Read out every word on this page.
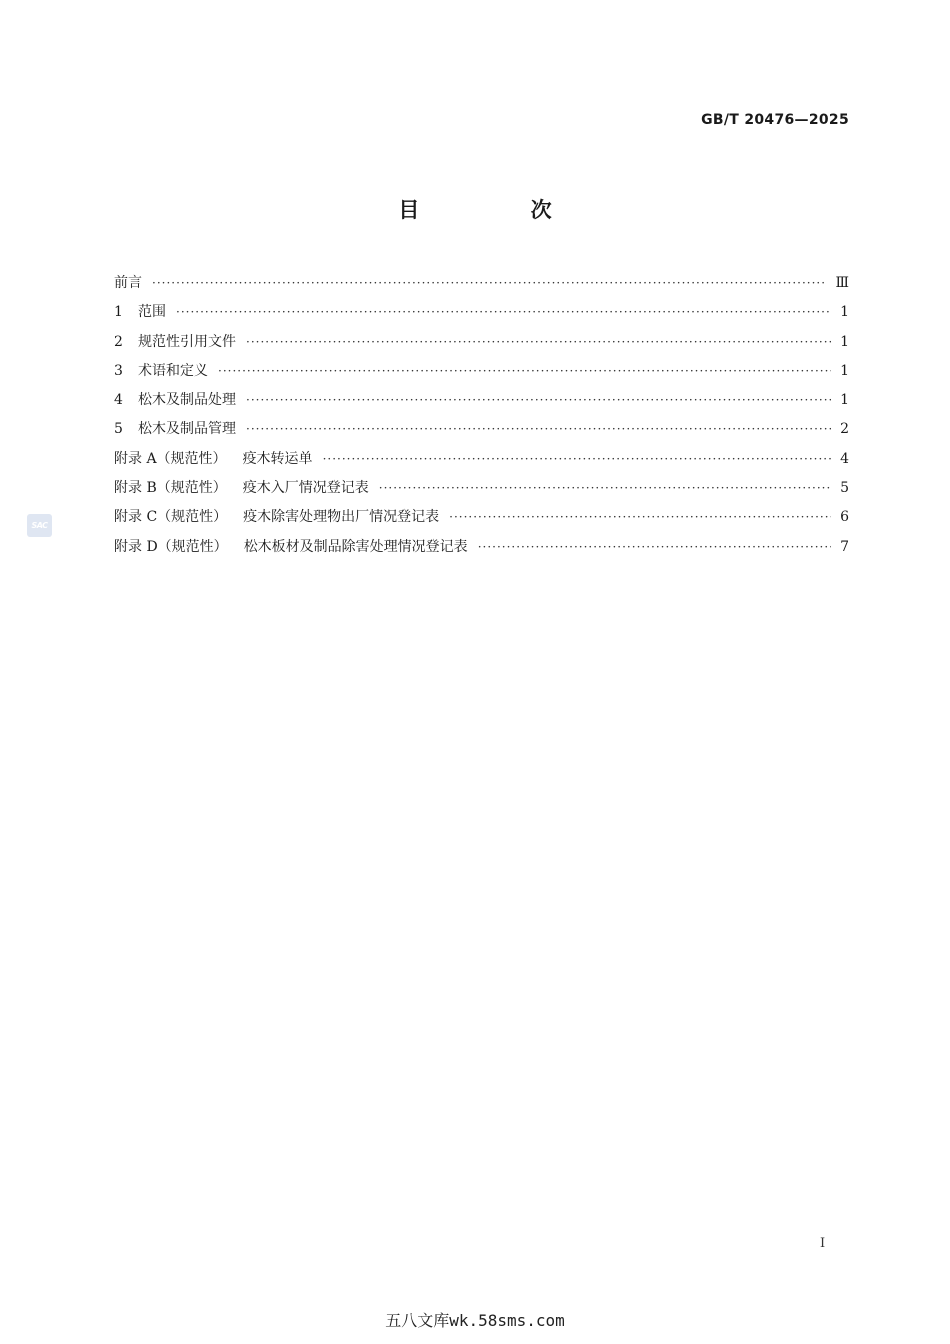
GB/T 20476—2025
目 次
前言 ·····	Ⅲ
1	范围 ·····	1
2	规范性引用文件 ·····	1
3	术语和定义 ·····	1
4	松木及制品处理 ·····	1
5	松木及制品管理 ·····	2
附录 A（规范性）	疫木转运单 ·····	4
附录 B（规范性）	疫木入厂情况登记表 ·····	5
附录 C（规范性）	疫木除害处理物出厂情况登记表 ·····	6
附录 D（规范性）	松木板材及制品除害处理情况登记表 ·····	7
SAC
I
五八文库wk.58sms.com
